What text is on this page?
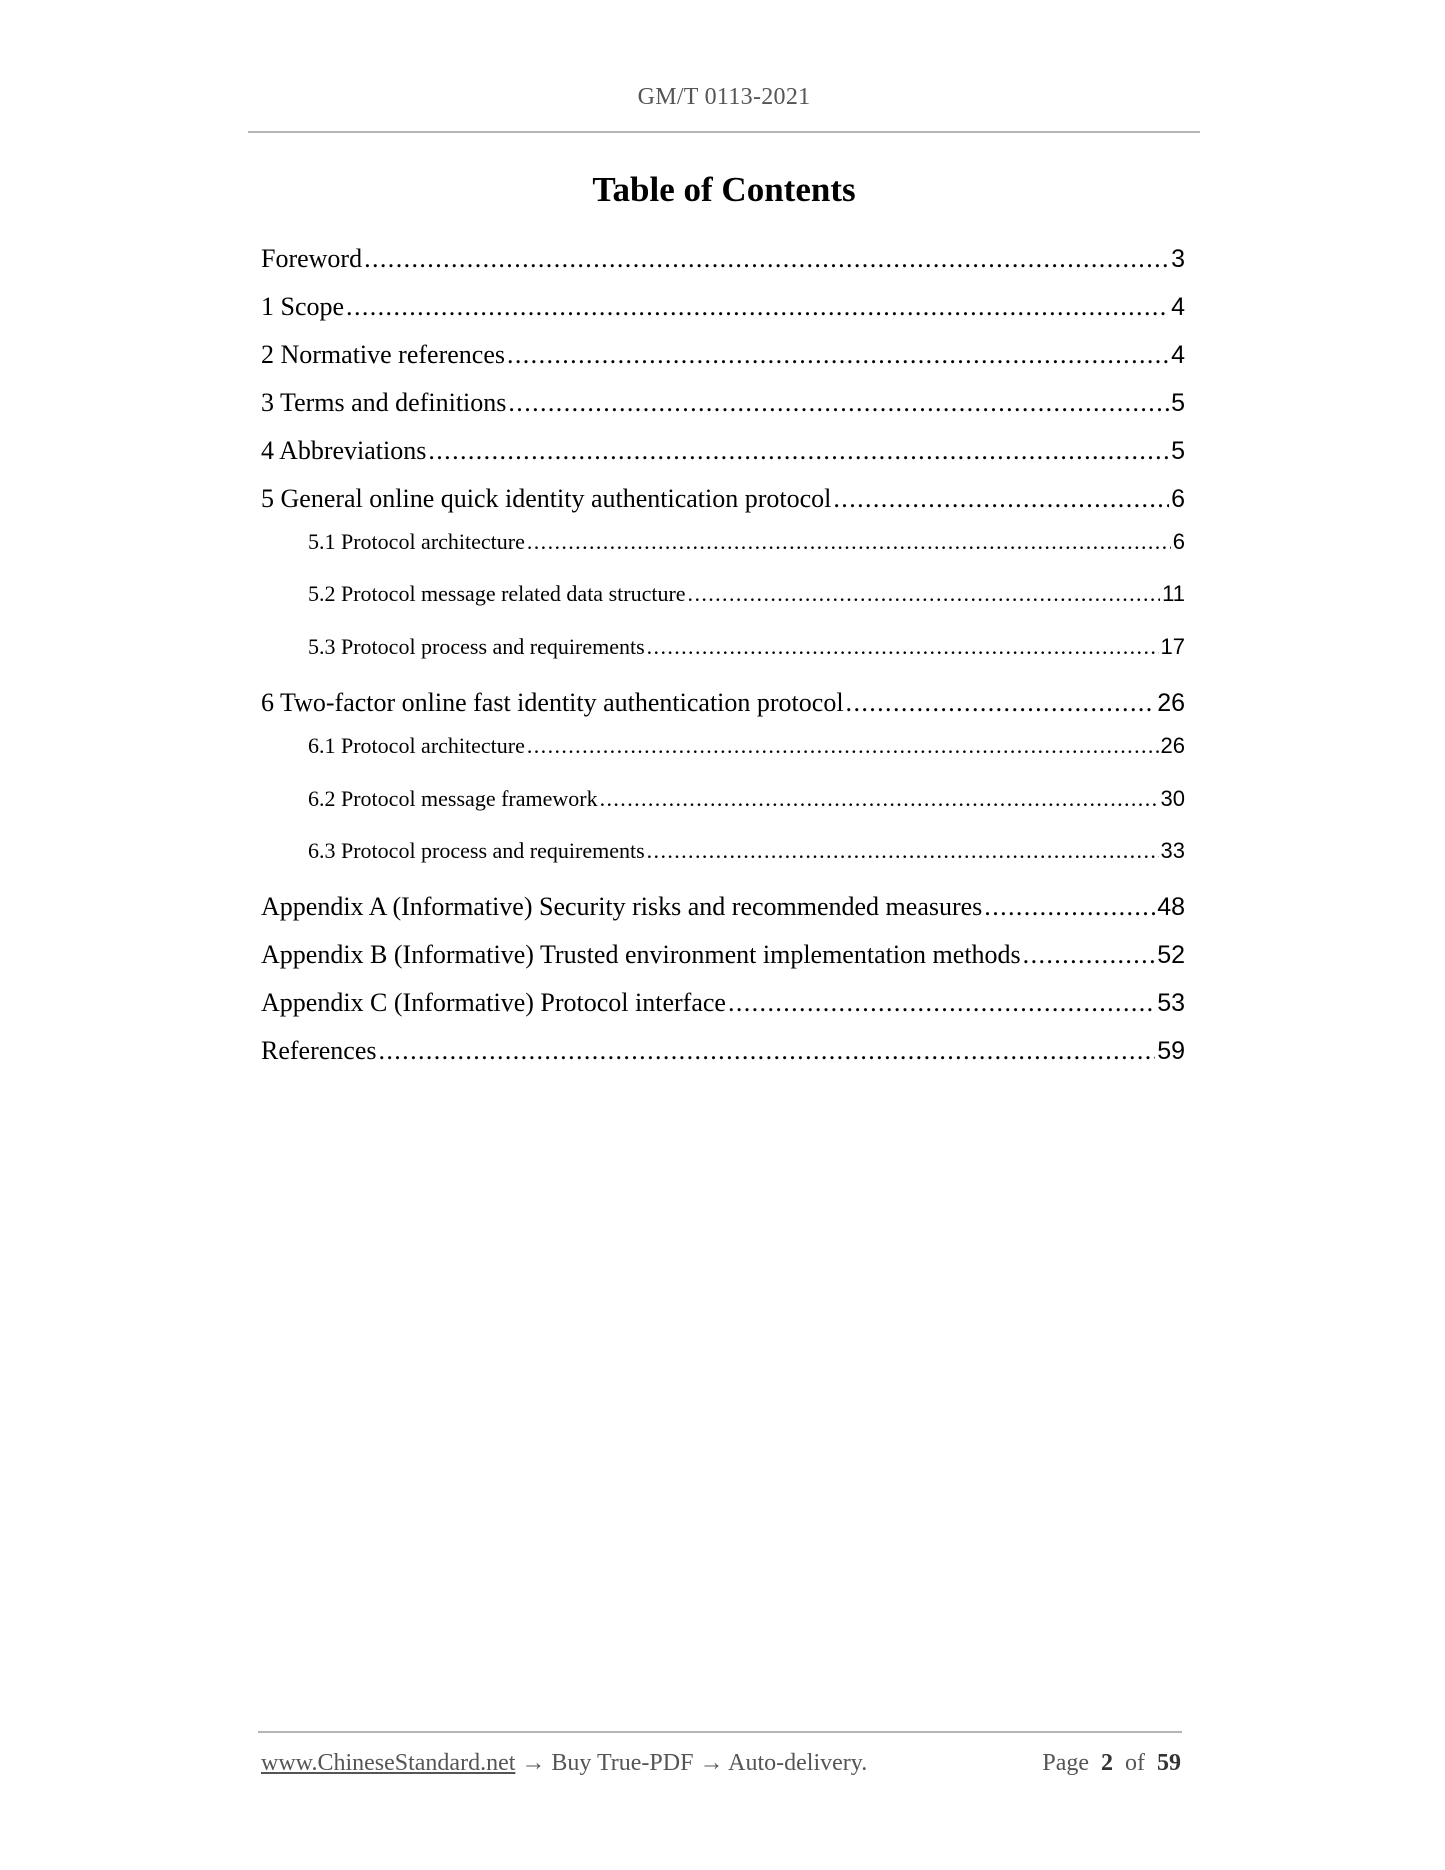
GM/T 0113-2021
Table of Contents
Foreword .....	3
1 Scope .....	4
2 Normative references .....	4
3 Terms and definitions .....	5
4 Abbreviations .....	5
5 General online quick identity authentication protocol .....	6
5.1 Protocol architecture .....	6
5.2 Protocol message related data structure .....	11
5.3 Protocol process and requirements .....	17
6 Two-factor online fast identity authentication protocol .....	26
6.1 Protocol architecture .....	26
6.2 Protocol message framework .....	30
6.3 Protocol process and requirements .....	33
Appendix A (Informative) Security risks and recommended measures .....	48
Appendix B (Informative) Trusted environment implementation methods .....	52
Appendix C (Informative) Protocol interface .....	53
References .....	59
www.ChineseStandard.net → Buy True-PDF → Auto-delivery.	Page 2 of 59
